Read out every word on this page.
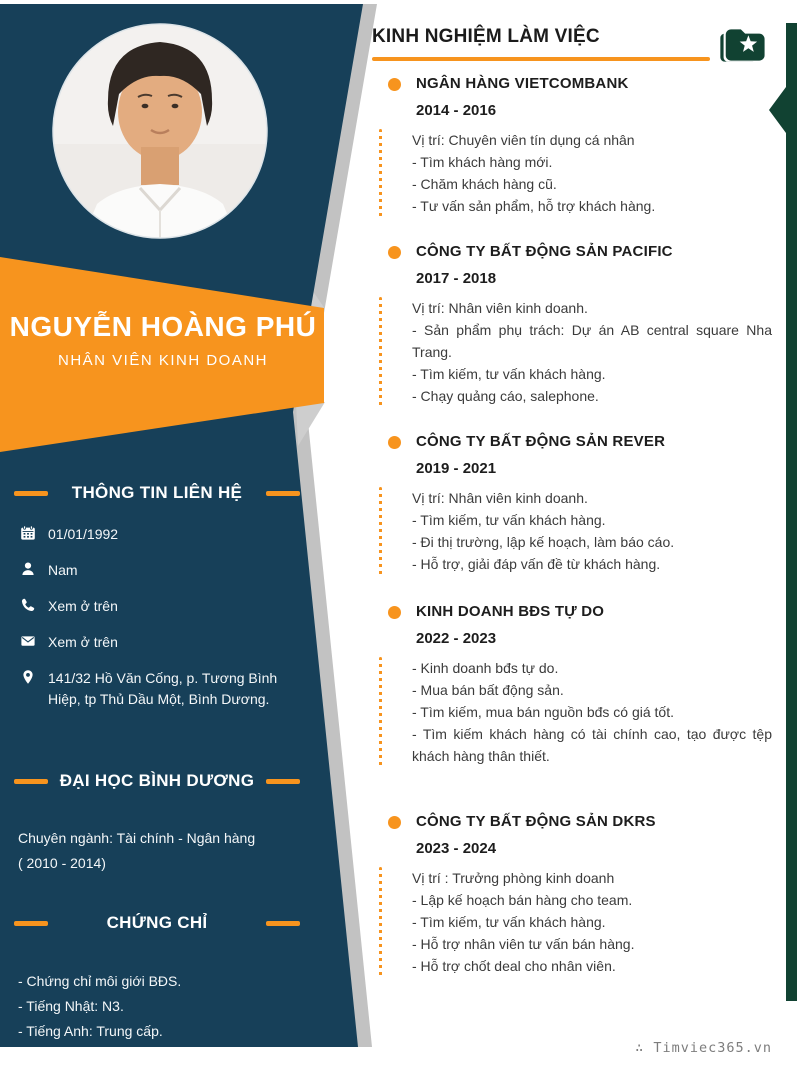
NGUYỄN HOÀNG PHÚ
NHÂN VIÊN KINH DOANH
THÔNG TIN LIÊN HỆ
01/01/1992
Nam
Xem ở trên
Xem ở trên
141/32 Hồ Văn Cống, p. Tương Bình Hiệp, tp Thủ Dầu Một, Bình Dương.
ĐẠI HỌC BÌNH DƯƠNG
Chuyên ngành: Tài chính - Ngân hàng
( 2010 - 2014)
CHỨNG CHỈ
- Chứng chỉ môi giới BĐS.
- Tiếng Nhật: N3.
- Tiếng Anh: Trung cấp.
KINH NGHIỆM LÀM VIỆC
NGÂN HÀNG VIETCOMBANK
2014 - 2016
Vị trí: Chuyên viên tín dụng cá nhân
- Tìm khách hàng mới.
- Chăm khách hàng cũ.
- Tư vấn sản phẩm, hỗ trợ khách hàng.
CÔNG TY BẤT ĐỘNG SẢN PACIFIC
2017 - 2018
Vị trí: Nhân viên kinh doanh.
- Sản phẩm phụ trách: Dự án AB central square Nha Trang.
- Tìm kiếm, tư vấn khách hàng.
- Chạy quảng cáo, salephone.
CÔNG TY BẤT ĐỘNG SẢN REVER
2019 - 2021
Vị trí: Nhân viên kinh doanh.
- Tìm kiếm, tư vấn khách hàng.
- Đi thị trường, lập kế hoạch, làm báo cáo.
- Hỗ trợ, giải đáp vấn đề từ khách hàng.
KINH DOANH BĐS TỰ DO
2022 - 2023
- Kinh doanh bđs tự do.
- Mua bán bất động sản.
- Tìm kiếm, mua bán nguồn bđs có giá tốt.
- Tìm kiếm khách hàng có tài chính cao, tạo được tệp khách hàng thân thiết.
CÔNG TY BẤT ĐỘNG SẢN DKRS
2023 - 2024
Vị trí : Trưởng phòng kinh doanh
- Lập kế hoạch bán hàng cho team.
- Tìm kiếm, tư vấn khách hàng.
- Hỗ trợ nhân viên tư vấn bán hàng.
- Hỗ trợ chốt deal cho nhân viên.
∴ Timviec365.vn
